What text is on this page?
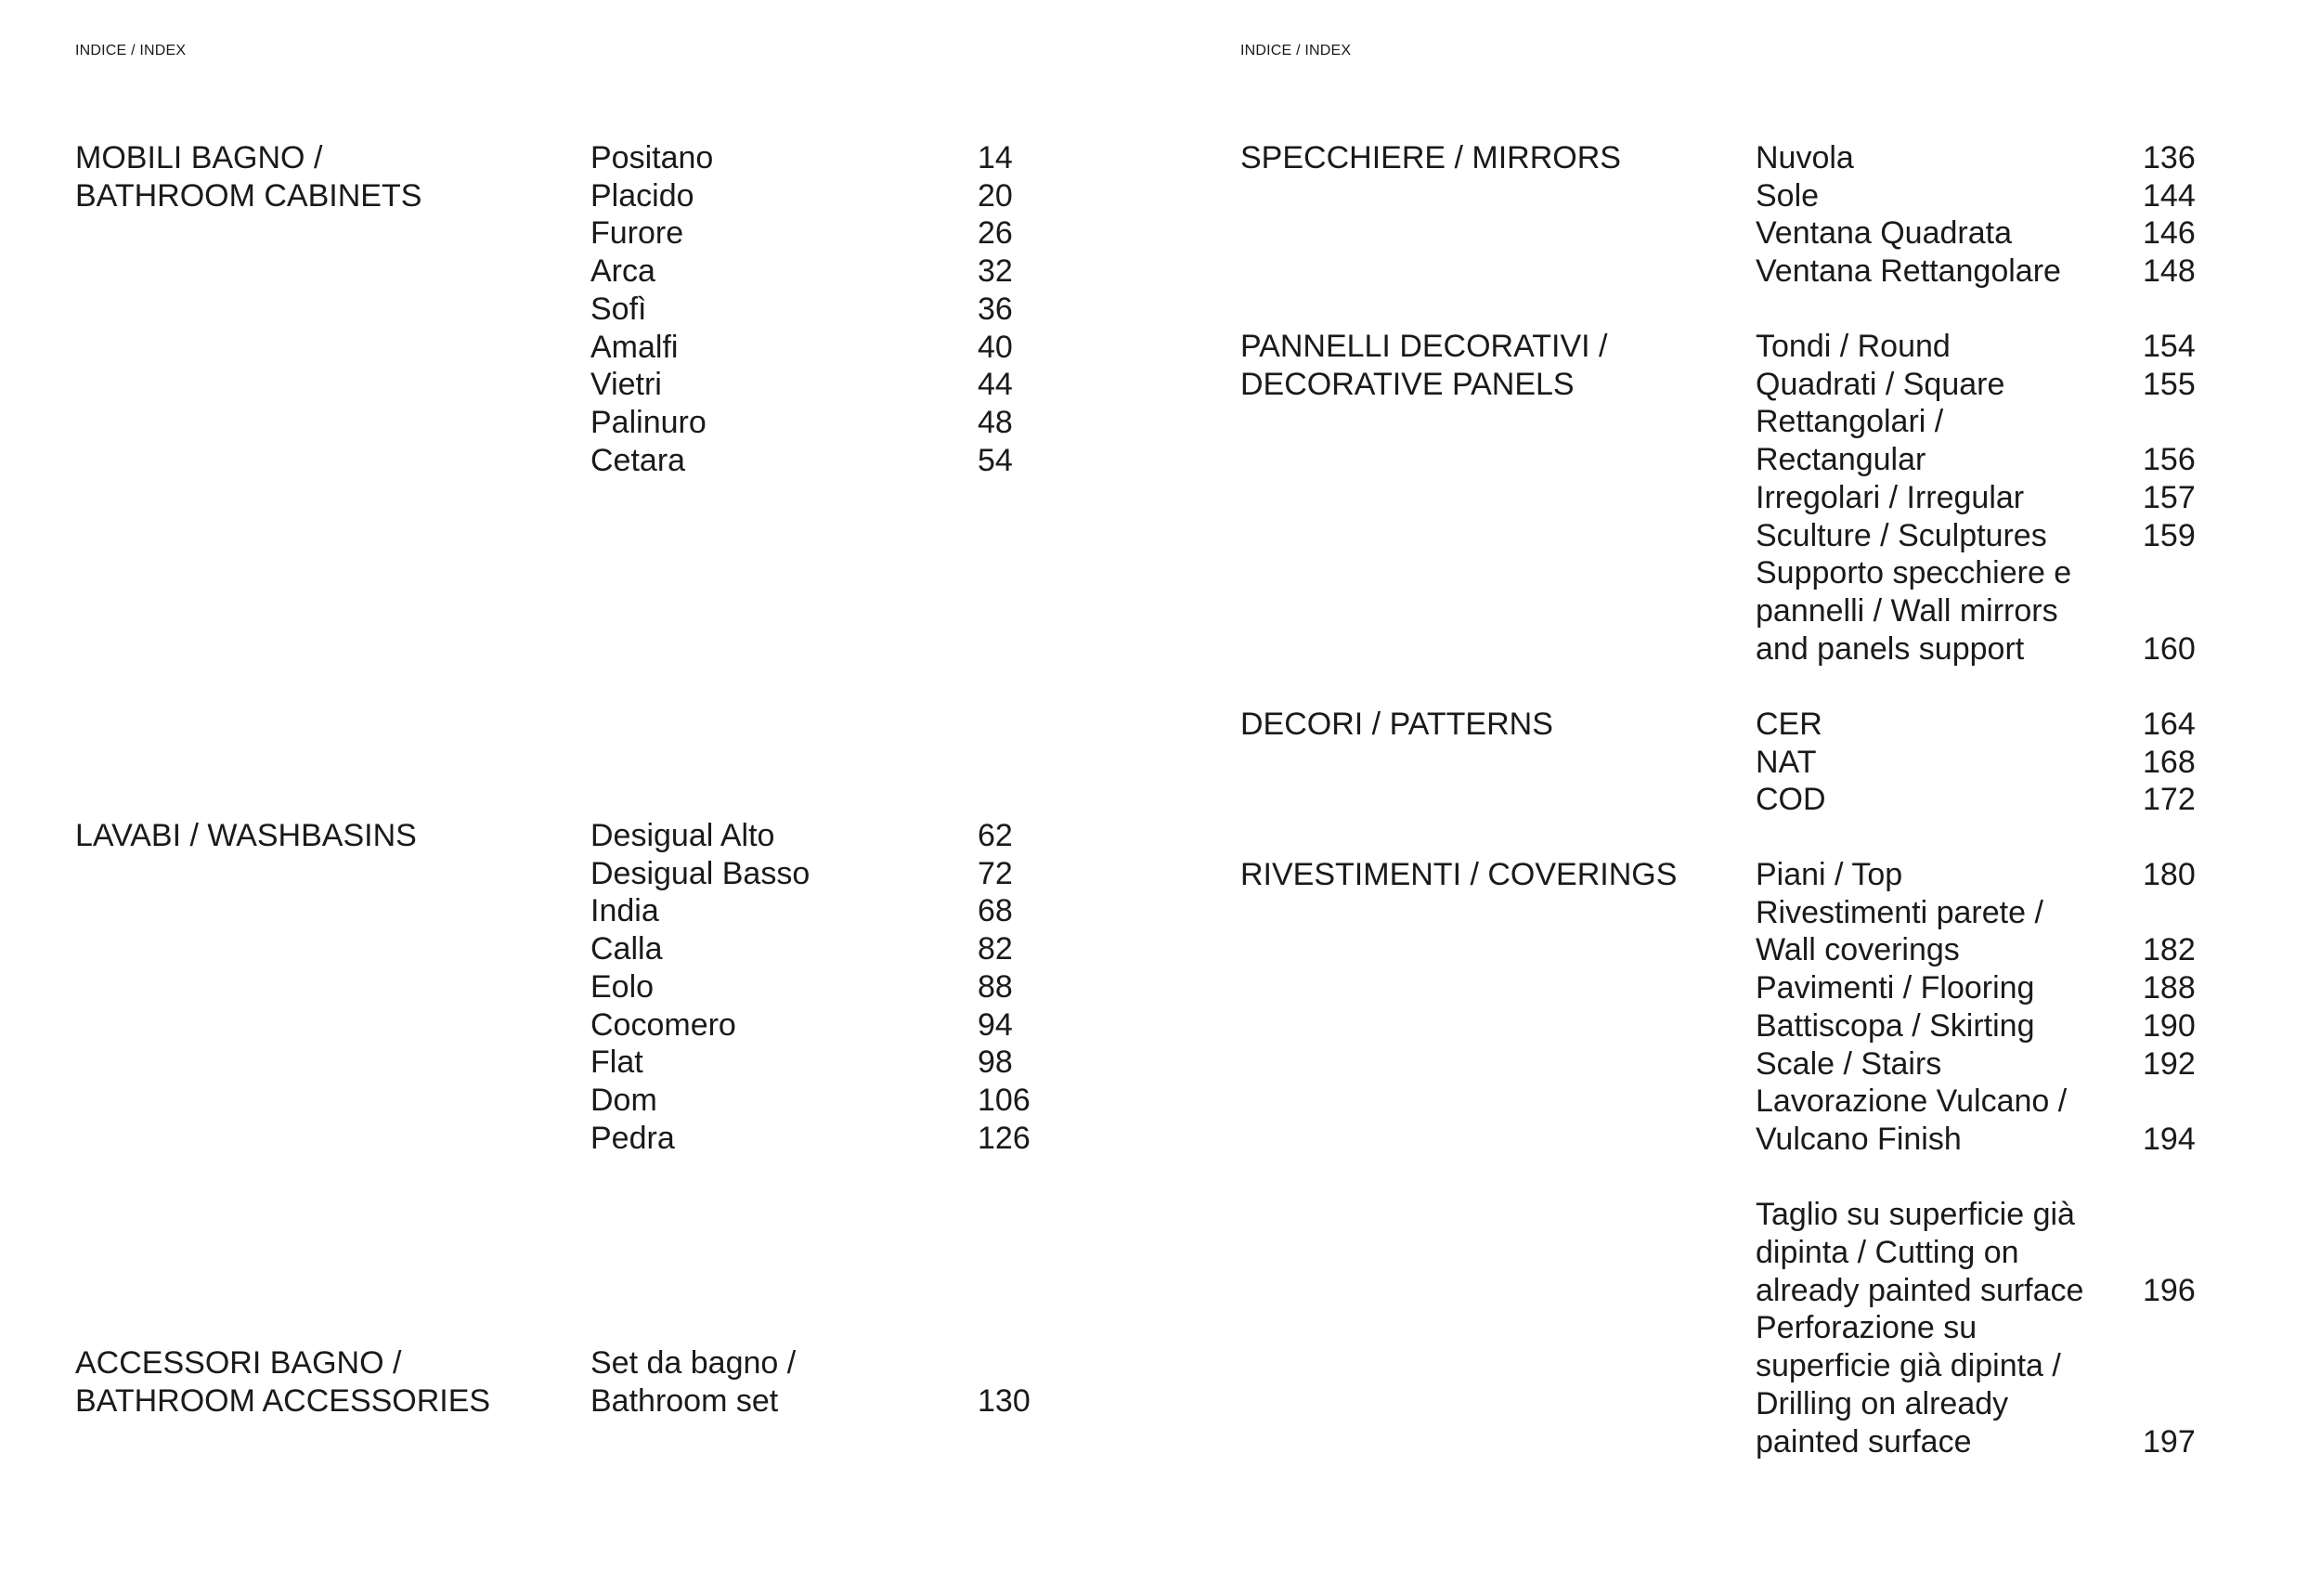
INDICE / INDEX
MOBILI BAGNO /
BATHROOM CABINETS
Positano	14
Placido	20
Furore	26
Arca	32
Sofì	36
Amalfi	40
Vietri	44
Palinuro	48
Cetara	54
LAVABI / WASHBASINS	Desigual Alto	62
Desigual Basso	72
India	68
Calla	82
Eolo	88
Cocomero	94
Flat	98
Dom	106
Pedra	126
ACCESSORI BAGNO /
BATHROOM ACCESSORIES
Set da bagno /
Bathroom set	130
INDICE / INDEX
SPECCHIERE / MIRRORS	Nuvola	136
Sole	144
Ventana Quadrata	146
Ventana Rettangolare	148
PANNELLI DECORATIVI /
DECORATIVE PANELS
Tondi / Round	154
Quadrati / Square	155
Rettangolari /
Rectangular	156
Irregolari / Irregular	157
Sculture / Sculptures	159
Supporto specchiere e
pannelli / Wall mirrors
and panels support	160
DECORI / PATTERNS	CER	164
NAT	168
COD	172
RIVESTIMENTI / COVERINGS	Piani / Top	180
Rivestimenti parete /
Wall coverings	182
Pavimenti / Flooring	188
Battiscopa / Skirting	190
Scale / Stairs	192
Lavorazione Vulcano /
Vulcano Finish	194
Taglio su superficie già
dipinta / Cutting on
already painted surface	196
Perforazione su
superficie già dipinta /
Drilling on already
painted surface	197
